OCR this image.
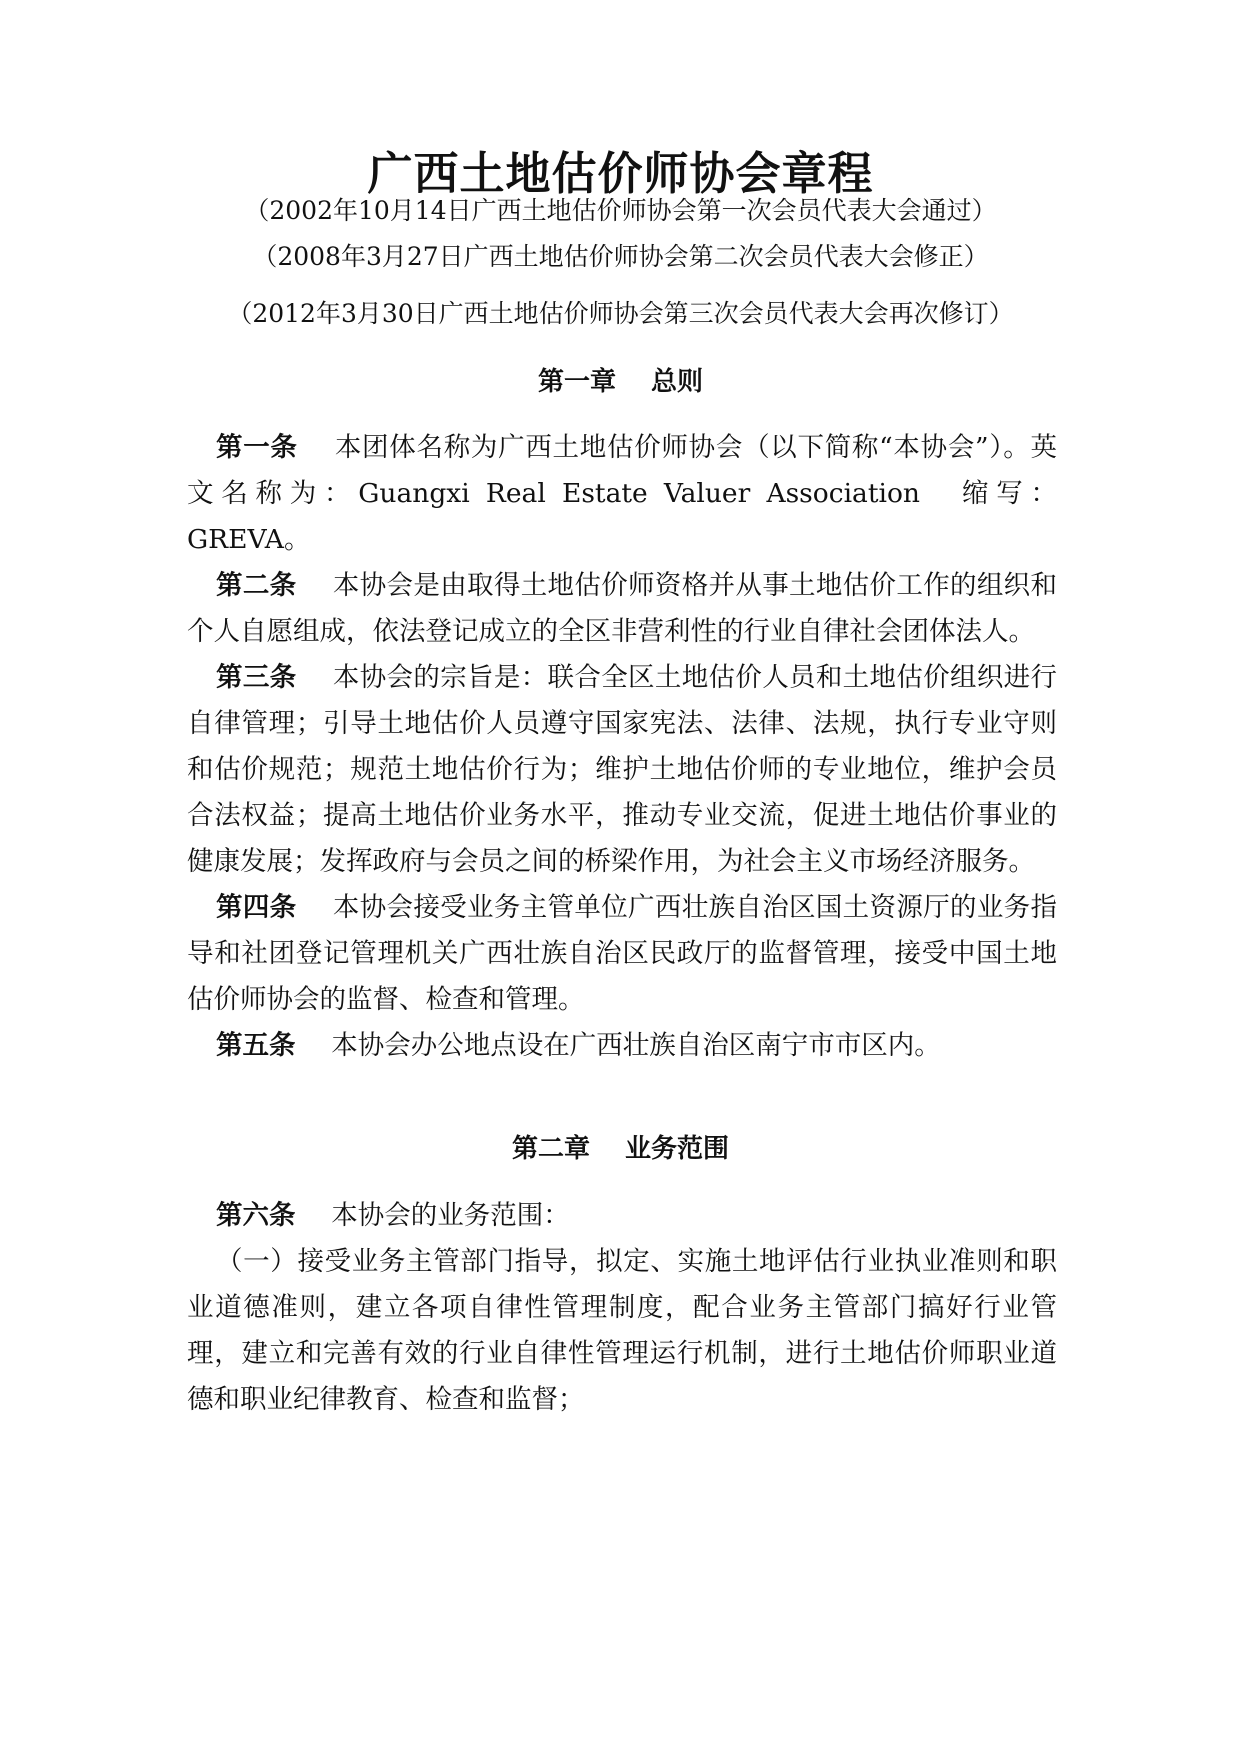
广西土地估价师协会章程
（2002年10月14日广西土地估价师协会第一次会员代表大会通过）
（2008年3月27日广西土地估价师协会第二次会员代表大会修正）
（2012年3月30日广西土地估价师协会第三次会员代表大会再次修订）
第一章　 总则

第一条　 本团体名称为广西土地估价师协会（以下简称“本协会”）。英文名称为：Guangxi Real Estate Valuer Association　缩写： GREVA。

第二条　 本协会是由取得土地估价师资格并从事土地估价工作的组织和个人自愿组成，依法登记成立的全区非营利性的行业自律社会团体法人。

第三条　 本协会的宗旨是：联合全区土地估价人员和土地估价组织进行自律管理；引导土地估价人员遵守国家宪法、法律、法规，执行专业守则和估价规范；规范土地估价行为；维护土地估价师的专业地位，维护会员合法权益；提高土地估价业务水平，推动专业交流，促进土地估价事业的健康发展；发挥政府与会员之间的桥梁作用，为社会主义市场经济服务。

第四条　 本协会接受业务主管单位广西壮族自治区国土资源厅的业务指导和社团登记管理机关广西壮族自治区民政厅的监督管理，接受中国土地估价师协会的监督、检查和管理。

第五条　 本协会办公地点设在广西壮族自治区南宁市市区内。

第二章　 业务范围

第六条　 本协会的业务范围：

（一）接受业务主管部门指导，拟定、实施土地评估行业执业准则和职业道德准则，建立各项自律性管理制度，配合业务主管部门搞好行业管理，建立和完善有效的行业自律性管理运行机制，进行土地估价师职业道德和职业纪律教育、检查和监督；
